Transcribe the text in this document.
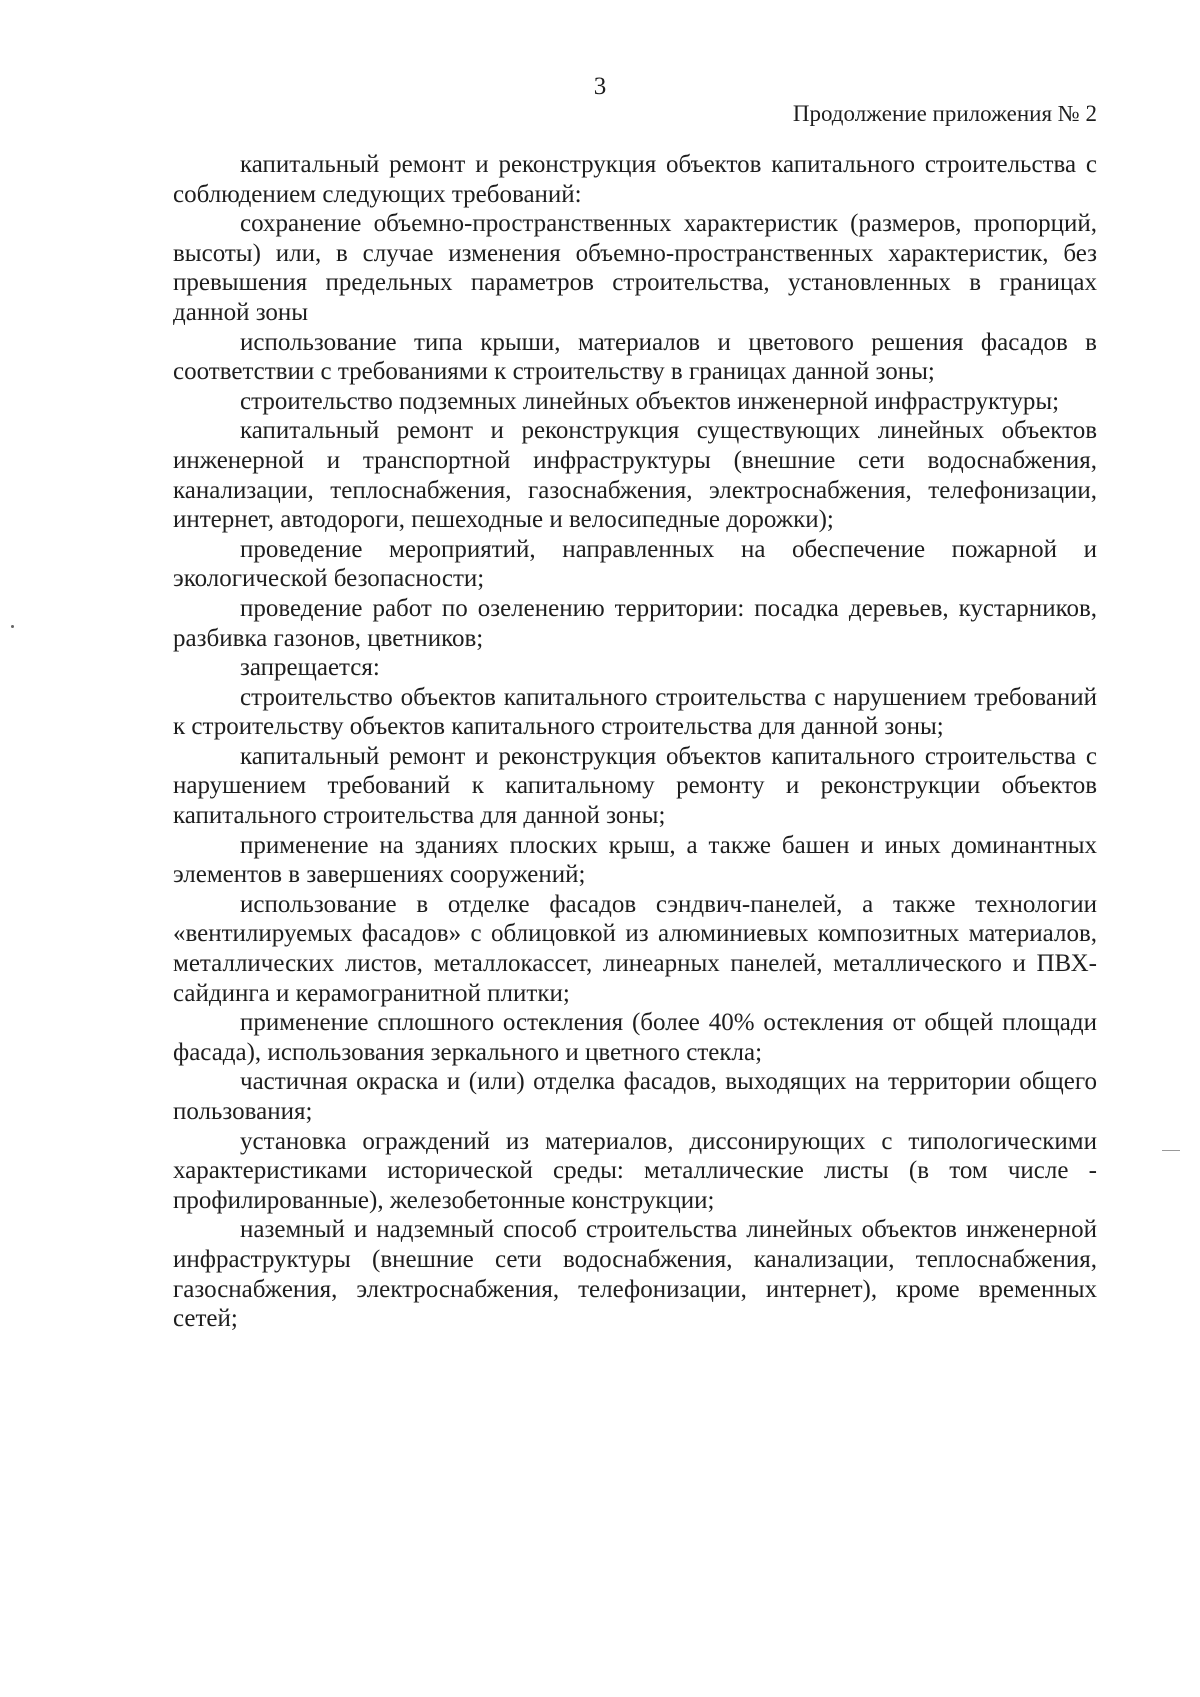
3
Продолжение приложения № 2

капитальный ремонт и реконструкция объектов капитального строительства с соблюдением следующих требований:

сохранение объемно-пространственных характеристик (размеров, пропорций, высоты) или, в случае изменения объемно-пространственных характеристик, без превышения предельных параметров строительства, установленных в границах данной зоны

использование типа крыши, материалов и цветового решения фасадов в соответствии с требованиями к строительству в границах данной зоны;

строительство подземных линейных объектов инженерной инфраструктуры;

капитальный ремонт и реконструкция существующих линейных объектов инженерной и транспортной инфраструктуры (внешние сети водоснабжения, канализации, теплоснабжения, газоснабжения, электроснабжения, телефонизации, интернет, автодороги, пешеходные и велосипедные дорожки);

проведение мероприятий, направленных на обеспечение пожарной и экологической безопасности;

проведение работ по озеленению территории: посадка деревьев, кустарников, разбивка газонов, цветников;

запрещается:

строительство объектов капитального строительства с нарушением требований к строительству объектов капитального строительства для данной зоны;

капитальный ремонт и реконструкция объектов капитального строительства с нарушением требований к капитальному ремонту и реконструкции объектов капитального строительства для данной зоны;

применение на зданиях плоских крыш, а также башен и иных доминантных элементов в завершениях сооружений;

использование в отделке фасадов сэндвич-панелей, а также технологии «вентилируемых фасадов» с облицовкой из алюминиевых композитных материалов, металлических листов, металлокассет, линеарных панелей, металлического и ПВХ-сайдинга и керамогранитной плитки;

применение сплошного остекления (более 40% остекления от общей площади фасада), использования зеркального и цветного стекла;

частичная окраска и (или) отделка фасадов, выходящих на территории общего пользования;

установка ограждений из материалов, диссонирующих с типологическими характеристиками исторической среды: металлические листы (в том числе - профилированные), железобетонные конструкции;

наземный и надземный способ строительства линейных объектов инженерной инфраструктуры (внешние сети водоснабжения, канализации, теплоснабжения, газоснабжения, электроснабжения, телефонизации, интернет), кроме временных сетей;
